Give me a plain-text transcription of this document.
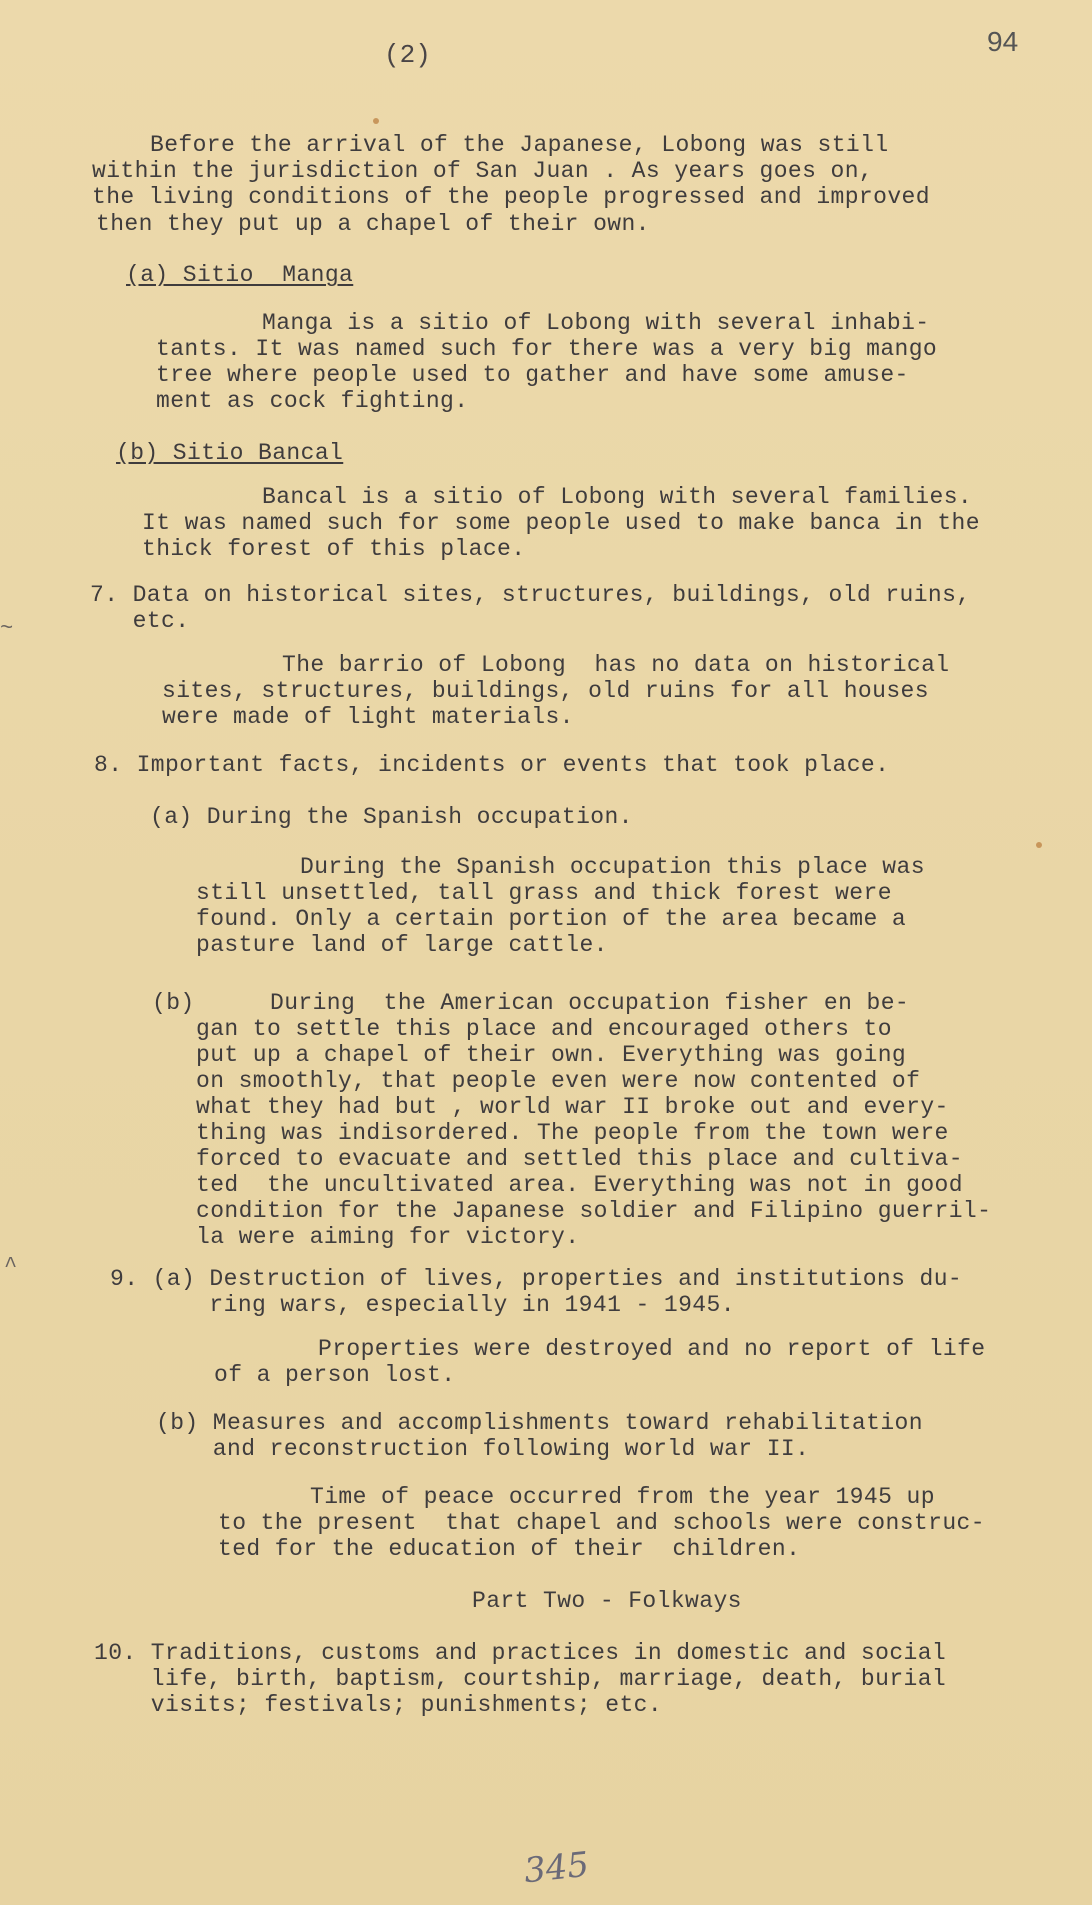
(2)	94
~
^
Before the arrival of the Japanese, Lobong was still
within the jurisdiction of San Juan . As years goes on,
the living conditions of the people progressed and improved
then they put up a chapel of their own.
(a) Sitio  Manga
Manga is a sitio of Lobong with several inhabi-
tants. It was named such for there was a very big mango
tree where people used to gather and have some amuse-
ment as cock fighting.
(b) Sitio Bancal
Bancal is a sitio of Lobong with several families.
It was named such for some people used to make banca in the
thick forest of this place.
7. Data on historical sites, structures, buildings, old ruins,
etc.
The barrio of Lobong  has no data on historical
sites, structures, buildings, old ruins for all houses
were made of light materials.
8. Important facts, incidents or events that took place.
(a) During the Spanish occupation.
During the Spanish occupation this place was
still unsettled, tall grass and thick forest were
found. Only a certain portion of the area became a
pasture land of large cattle.
(b)	During  the American occupation fisher en be-
gan to settle this place and encouraged others to
put up a chapel of their own. Everything was going
on smoothly, that people even were now contented of
what they had but , world war II broke out and every-
thing was indisordered. The people from the town were
forced to evacuate and settled this place and cultiva-
ted  the uncultivated area. Everything was not in good
condition for the Japanese soldier and Filipino guerril-
la were aiming for victory.
9. (a) Destruction of lives, properties and institutions du-
ring wars, especially in 1941 - 1945.
Properties were destroyed and no report of life
of a person lost.
(b) Measures and accomplishments toward rehabilitation
and reconstruction following world war II.
Time of peace occurred from the year 1945 up
to the present  that chapel and schools were construc-
ted for the education of their  children.
Part Two - Folkways
10. Traditions, customs and practices in domestic and social
life, birth, baptism, courtship, marriage, death, burial
visits; festivals; punishments; etc.
345
